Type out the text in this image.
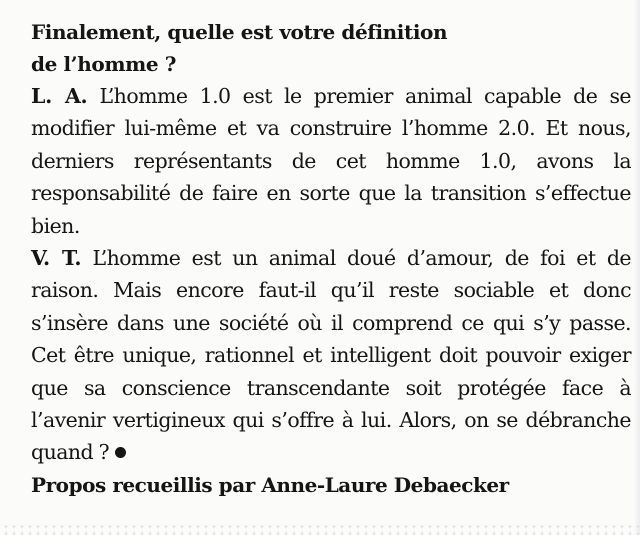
Finalement, quelle est votre définition
de l’homme ?

L. A. L’homme 1.0 est le premier animal capable de se modifier lui-même et va construire l’homme 2.0. Et nous, derniers représentants de cet homme 1.0, avons la responsabilité de faire en sorte que la transition s’effectue bien.

V. T. L’homme est un animal doué d’amour, de foi et de raison. Mais encore faut-il qu’il reste sociable et donc s’insère dans une société où il comprend ce qui s’y passe. Cet être unique, rationnel et intelligent doit pouvoir exiger que sa conscience transcendante soit protégée face à l’avenir vertigineux qui s’offre à lui. Alors, on se débranche quand ?

Propos recueillis par Anne-Laure Debaecker
